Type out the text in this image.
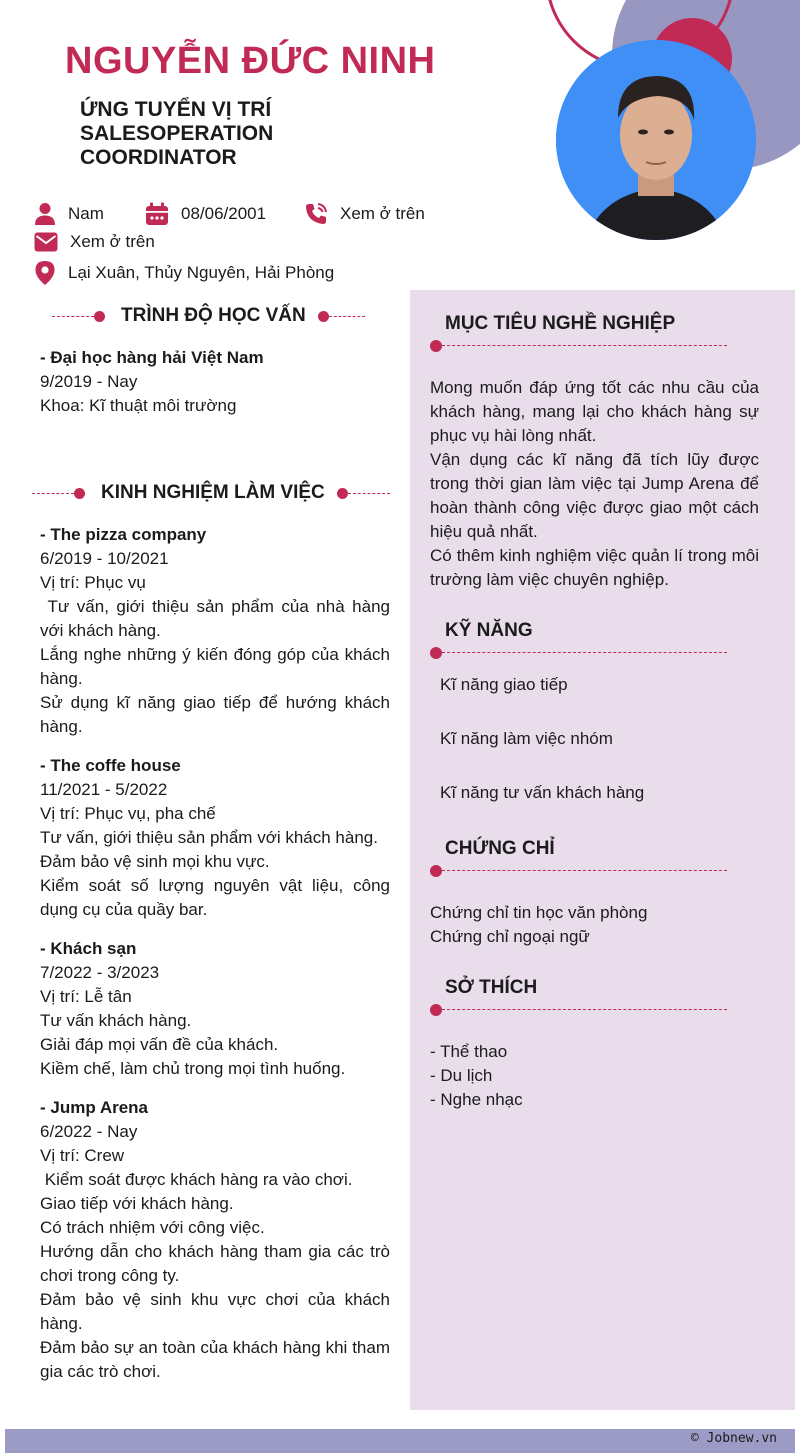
NGUYỄN ĐỨC NINH
ỨNG TUYỂN VỊ TRÍ SALESOPERATION COORDINATOR
Nam	08/06/2001	Xem ở trên
Xem ở trên
Lại Xuân, Thủy Nguyên, Hải Phòng
TRÌNH ĐỘ HỌC VẤN
- Đại học hàng hải Việt Nam
9/2019 - Nay
Khoa: Kĩ thuật môi trường
KINH NGHIỆM LÀM VIỆC
- The pizza company
6/2019 - 10/2021
Vị trí: Phục vụ
Tư vấn, giới thiệu sản phẩm của nhà hàng với khách hàng.
Lắng nghe những ý kiến đóng góp của khách hàng.
Sử dụng kĩ năng giao tiếp để hướng khách hàng.
- The coffe house
11/2021 - 5/2022
Vị trí: Phục vụ, pha chế
Tư vấn, giới thiệu sản phẩm với khách hàng.
Đảm bảo vệ sinh mọi khu vực.
Kiểm soát số lượng nguyên vật liệu, công dụng cụ của quầy bar.
- Khách sạn
7/2022 - 3/2023
Vị trí: Lễ tân
Tư vấn khách hàng.
Giải đáp mọi vấn đề của khách.
Kiềm chế, làm chủ trong mọi tình huống.
- Jump Arena
6/2022 - Nay
Vị trí: Crew
Kiểm soát được khách hàng ra vào chơi.
Giao tiếp với khách hàng.
Có trách nhiệm với công việc.
Hướng dẫn cho khách hàng tham gia các trò chơi trong công ty.
Đảm bảo vệ sinh khu vực chơi của khách hàng.
Đảm bảo sự an toàn của khách hàng khi tham gia các trò chơi.
MỤC TIÊU NGHỀ NGHIỆP
Mong muốn đáp ứng tốt các nhu cầu của khách hàng, mang lại cho khách hàng sự phục vụ hài lòng nhất.
Vận dụng các kĩ năng đã tích lũy được trong thời gian làm việc tại Jump Arena để hoàn thành công việc được giao một cách hiệu quả nhất.
Có thêm kinh nghiệm việc quản lí trong môi trường làm việc chuyên nghiệp.
KỸ NĂNG
Kĩ năng giao tiếp
Kĩ năng làm việc nhóm
Kĩ năng tư vấn khách hàng
CHỨNG CHỈ
Chứng chỉ tin học văn phòng
Chứng chỉ ngoại ngữ
SỞ THÍCH
- Thể thao
- Du lịch
- Nghe nhạc
© Jobnew.vn
